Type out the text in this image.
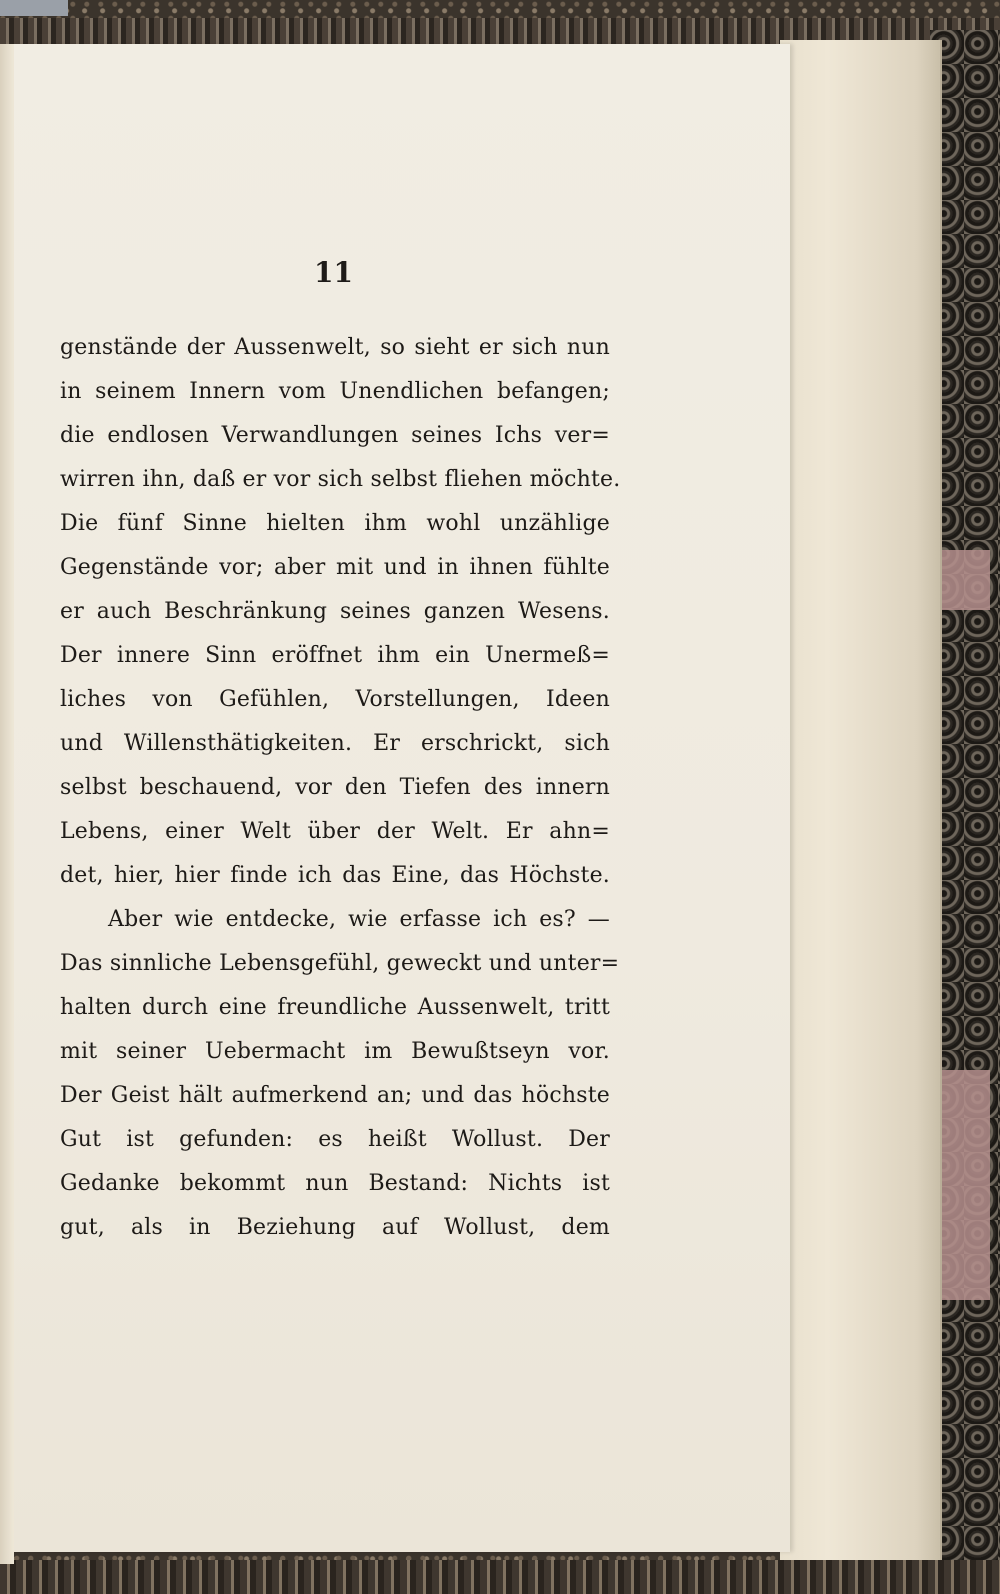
11
genstände der Aussenwelt, so sieht er sich nun
in seinem Innern vom Unendlichen befangen;
die endlosen Verwandlungen seines Ichs ver=
wirren ihn, daß er vor sich selbst fliehen möchte.
Die fünf Sinne hielten ihm wohl unzählige
Gegenstände vor; aber mit und in ihnen fühlte
er auch Beschränkung seines ganzen Wesens.
Der innere Sinn eröffnet ihm ein Unermeß=
liches von Gefühlen, Vorstellungen, Ideen
und Willensthätigkeiten. Er erschrickt, sich
selbst beschauend, vor den Tiefen des innern
Lebens, einer Welt über der Welt. Er ahn=
det, hier, hier finde ich das Eine, das Höchste.
Aber wie entdecke, wie erfasse ich es? —
Das sinnliche Lebensgefühl, geweckt und unter=
halten durch eine freundliche Aussenwelt, tritt
mit seiner Uebermacht im Bewußtseyn vor.
Der Geist hält aufmerkend an; und das höchste
Gut ist gefunden: es heißt Wollust. Der
Gedanke bekommt nun Bestand: Nichts ist
gut, als in Beziehung auf Wollust, dem
